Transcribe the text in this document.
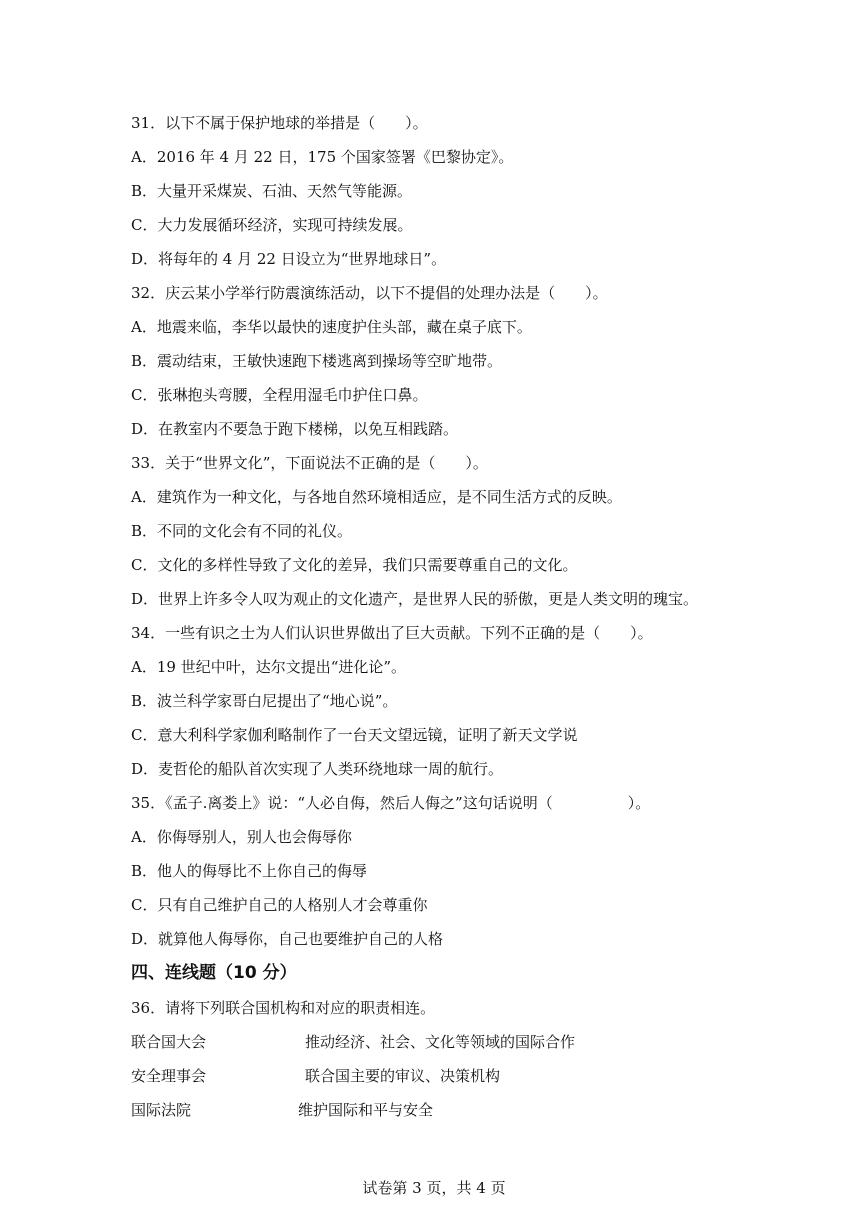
31．以下不属于保护地球的举措是（　　）。
A．2016 年 4 月 22 日，175 个国家签署《巴黎协定》。
B．大量开采煤炭、石油、天然气等能源。
C．大力发展循环经济，实现可持续发展。
D．将每年的 4 月 22 日设立为“世界地球日”。
32．庆云某小学举行防震演练活动，以下不提倡的处理办法是（　　）。
A．地震来临，李华以最快的速度护住头部，藏在桌子底下。
B．震动结束，王敏快速跑下楼逃离到操场等空旷地带。
C．张琳抱头弯腰，全程用湿毛巾护住口鼻。
D．在教室内不要急于跑下楼梯，以免互相践踏。
33．关于“世界文化”，下面说法不正确的是（　　）。
A．建筑作为一种文化，与各地自然环境相适应，是不同生活方式的反映。
B．不同的文化会有不同的礼仪。
C．文化的多样性导致了文化的差异，我们只需要尊重自己的文化。
D．世界上许多令人叹为观止的文化遗产，是世界人民的骄傲，更是人类文明的瑰宝。
34．一些有识之士为人们认识世界做出了巨大贡献。下列不正确的是（　　）。
A．19 世纪中叶，达尔文提出“进化论”。
B．波兰科学家哥白尼提出了“地心说”。
C．意大利科学家伽利略制作了一台天文望远镜，证明了新天文学说
D．麦哲伦的船队首次实现了人类环绕地球一周的航行。
35．《孟子.离娄上》说：“人必自侮，然后人侮之”这句话说明（　　　　　）。
A．你侮辱别人，别人也会侮辱你
B．他人的侮辱比不上你自己的侮辱
C．只有自己维护自己的人格别人才会尊重你
D．就算他人侮辱你，自己也要维护自己的人格
四、连线题（10 分）
36．请将下列联合国机构和对应的职责相连。
联合国大会	推动经济、社会、文化等领域的国际合作
安全理事会	联合国主要的审议、决策机构
国际法院	维护国际和平与安全
试卷第 3 页，共 4 页
